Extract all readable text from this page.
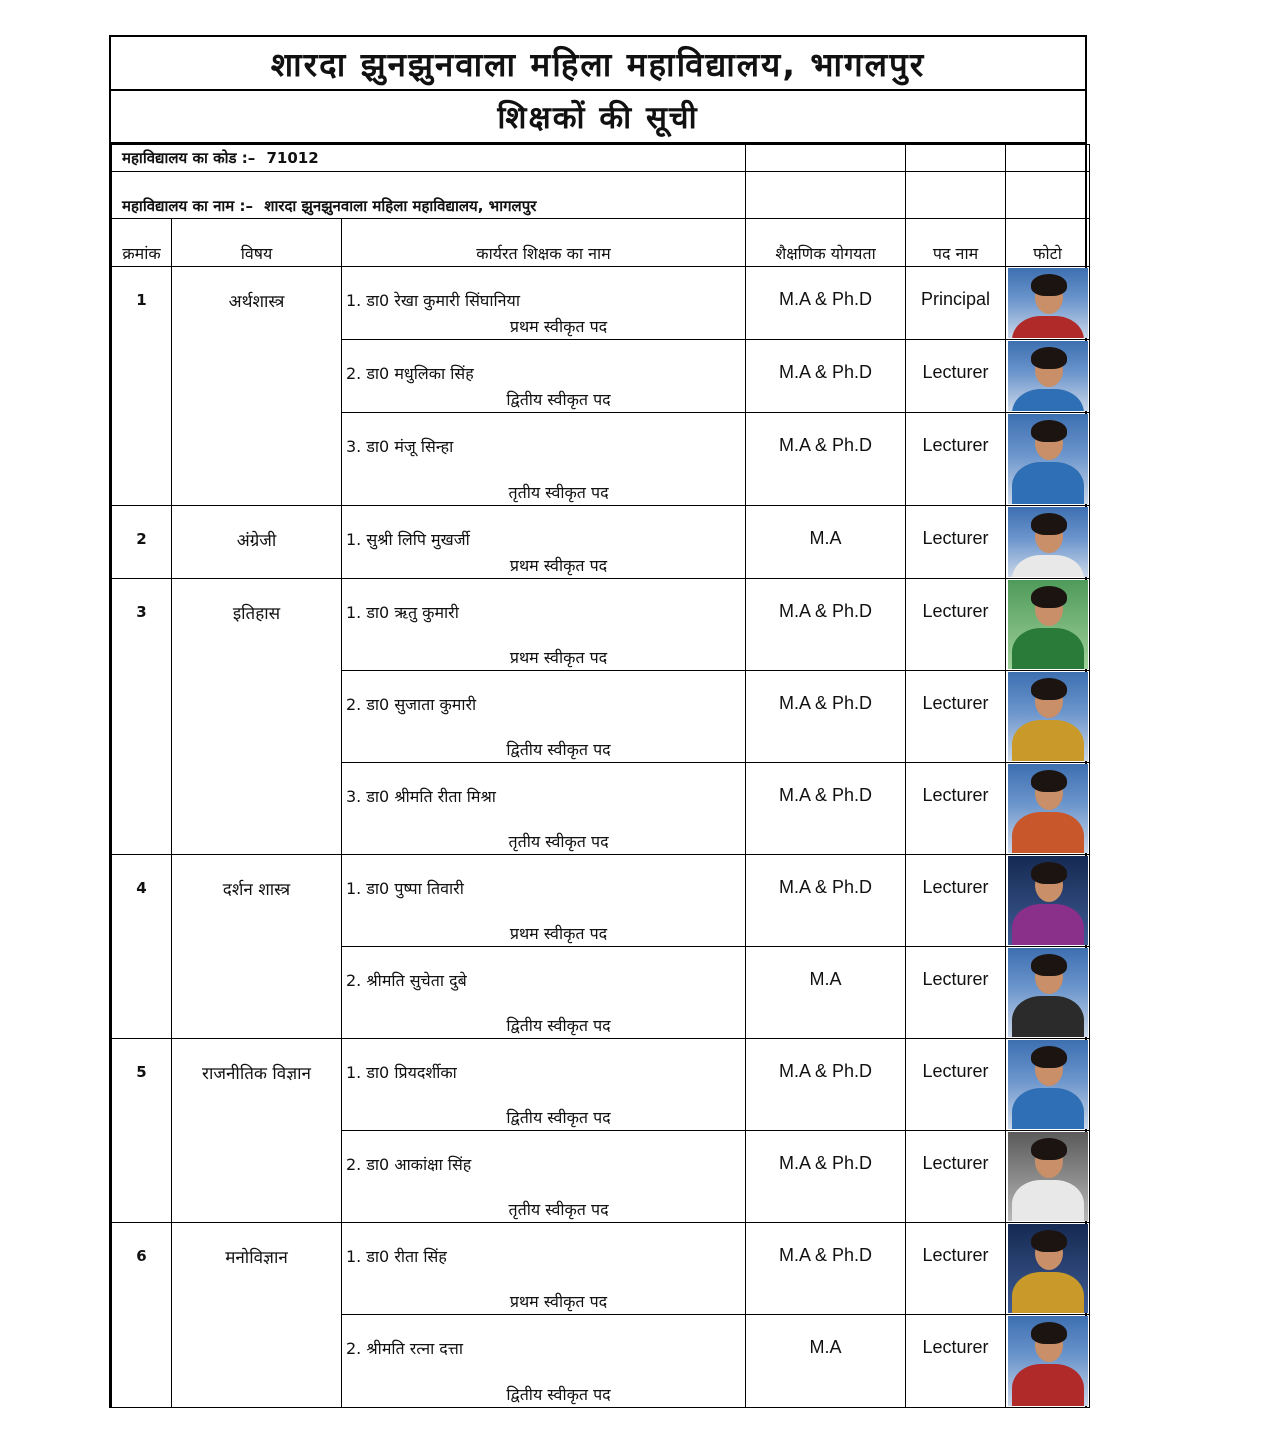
शारदा झुनझुनवाला महिला महाविद्यालय, भागलपुर
शिक्षकों की सूची
महाविद्यालय का कोड :– 71012					
महाविद्यालय का नाम :– शारदा झुनझुनवाला महिला महाविद्यालय, भागलपुर					
क्रमांक	विषय	कार्यरत शिक्षक का नाम	शैक्षणिक योगयता	पद नाम	फोटो
1	अर्थशास्त्र	1. डा0 रेखा कुमारी सिंघानिया
प्रथम स्वीकृत पद	M.A & Ph.D	Principal	

		2. डा0 मधुलिका सिंह
द्वितीय स्वीकृत पद	M.A & Ph.D	Lecturer	

		3. डा0 मंजू सिन्हा
तृतीय स्वीकृत पद	M.A & Ph.D	Lecturer	

2	अंग्रेजी	1. सुश्री लिपि मुखर्जी
प्रथम स्वीकृत पद	M.A	Lecturer	

3	इतिहास	1. डा0 ऋतु कुमारी
प्रथम स्वीकृत पद	M.A & Ph.D	Lecturer	

		2. डा0 सुजाता कुमारी
द्वितीय स्वीकृत पद	M.A & Ph.D	Lecturer	

		3. डा0 श्रीमति रीता मिश्रा
तृतीय स्वीकृत पद	M.A & Ph.D	Lecturer	

4	दर्शन शास्त्र	1. डा0 पुष्पा तिवारी
प्रथम स्वीकृत पद	M.A & Ph.D	Lecturer	

		2. श्रीमति सुचेता दुबे
द्वितीय स्वीकृत पद	M.A	Lecturer	

5	राजनीतिक विज्ञान	1. डा0 प्रियदर्शीका
द्वितीय स्वीकृत पद	M.A & Ph.D	Lecturer	

		2. डा0 आकांक्षा सिंह
तृतीय स्वीकृत पद	M.A & Ph.D	Lecturer	

6	मनोविज्ञान	1. डा0 रीता सिंह
प्रथम स्वीकृत पद	M.A & Ph.D	Lecturer	

		2. श्रीमति रत्ना दत्ता
द्वितीय स्वीकृत पद	M.A	Lecturer	
